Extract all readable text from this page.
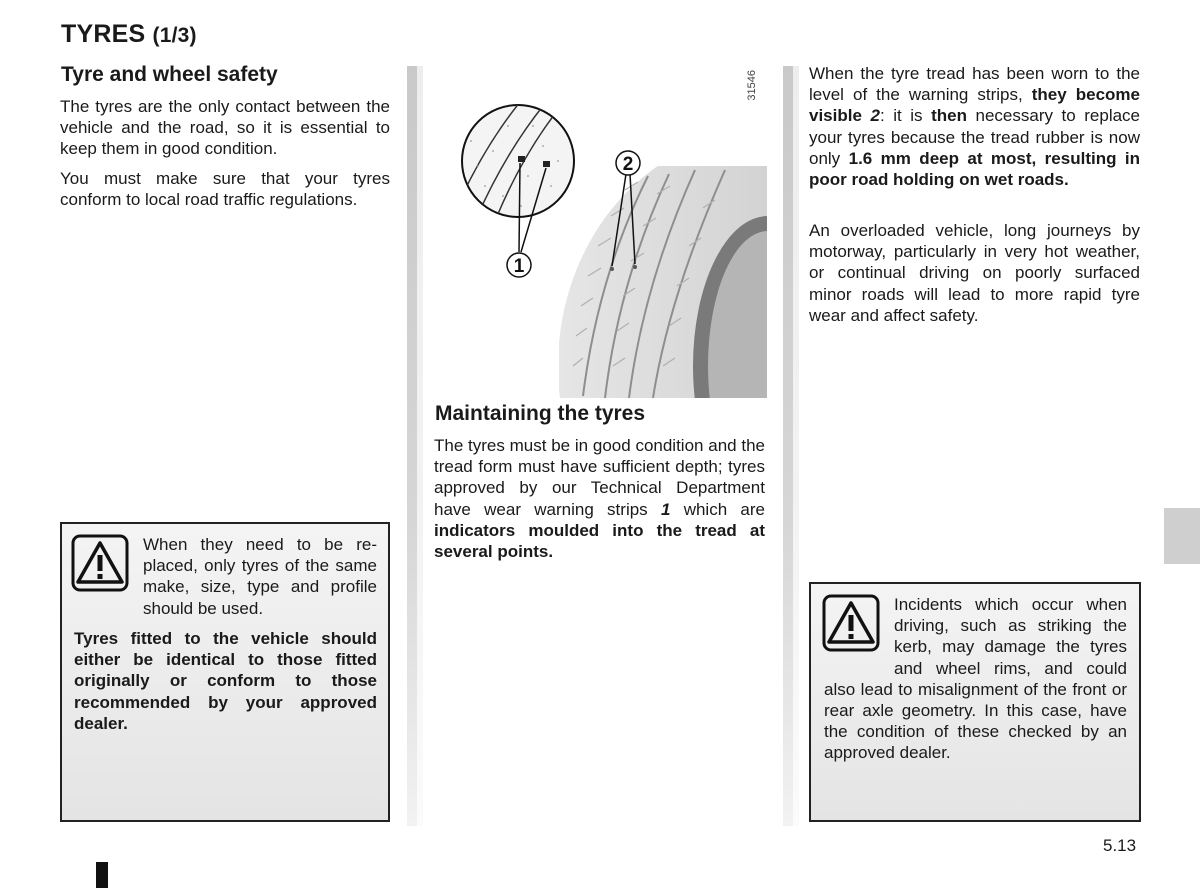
TYRES (1/3)
Tyre and wheel safety
The tyres are the only contact between the vehicle and the road, so it is essential to keep them in good condition.
You must make sure that your tyres conform to local road traffic regulations.
When they need to be replaced, only tyres of the same make, size, type and profile should be used.
Tyres fitted to the vehicle should either be identical to those fitted originally or conform to those recommended by your approved dealer.
2
1
31546
Maintaining the tyres
The tyres must be in good condition and the tread form must have sufficient depth; tyres approved by our Technical Department have wear warning strips 1 which are indicators moulded into the tread at several points.
When the tyre tread has been worn to the level of the warning strips, they become visible 2: it is then necessary to replace your tyres because the tread rubber is now only 1.6 mm deep at most, resulting in poor road holding on wet roads.
An overloaded vehicle, long journeys by motorway, particularly in very hot weather, or continual driving on poorly surfaced minor roads will lead to more rapid tyre wear and affect safety.
Incidents which occur when driving, such as striking the kerb, may damage the tyres and wheel rims, and could also lead to misalignment of the front or rear axle geometry. In this case, have the condition of these checked by an approved dealer.
5.13
